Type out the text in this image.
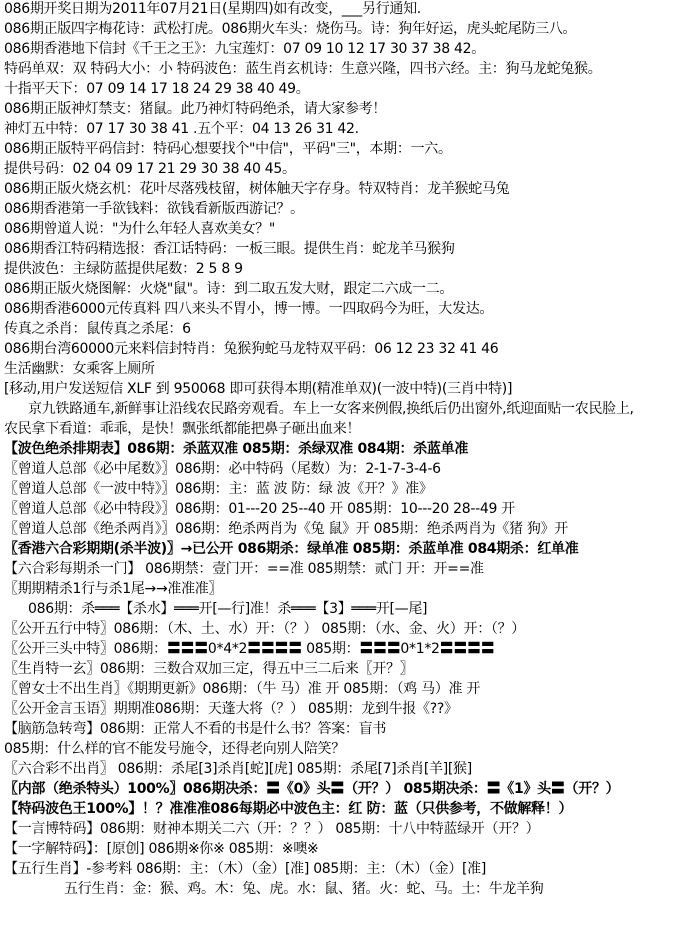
086期开奖日期为2011年07月21日(星期四)如有改变，___另行通知.
086期正版四字梅花诗：武松打虎。086期火车头：烧伤马。诗：狗年好运，虎头蛇尾防三八。
086期香港地下信封《千王之王》：九宝莲灯：07 09 10 12 17 30 37 38 42。
特码单双：双 特码大小：小 特码波色：蓝生肖玄机诗：生意兴隆，四书六经。主：狗马龙蛇兔猴。
十指平天下：07 09 14 17 18 24 29 38 40 49。
086期正版神灯禁支：猪鼠。此乃神灯特码绝杀，请大家参考！
神灯五中特：07 17 30 38 41 .五个平：04 13 26 31 42.
086期正版特平码信封：特码心想要找个"中信"，平码"三"，本期：一六。
提供号码：02 04 09 17 21 29 30 38 40 45。
086期正版火烧玄机：花叶尽落残枝留，树体触天字存身。特双特肖：龙羊猴蛇马兔
086期香港第一手欲钱料：欲钱看新版西游记？。
086期曾道人说："为什么年轻人喜欢美女？"
086期香江特码精选报：香江话特码：一板三眼。提供生肖：蛇龙羊马猴狗
提供波色：主绿防蓝提供尾数：2 5 8 9
086期正版火烧图解：火烧"鼠"。诗：到二取五发大财，跟定二六成一二。
086期香港6000元传真料 四八来头不胃小，博一博。一四取码今为旺，大发达。
传真之杀肖：鼠传真之杀尾：6
086期台湾60000元来料信封特肖：兔猴狗蛇马龙特双平码：06 12 23 32 41 46
生活幽默：女乘客上厕所
[移动,用户发送短信 XLF 到 950068 即可获得本期(精准单双)(一波中特)(三肖中特)]
京九铁路通车,新鲜事让沿线农民路旁观看。车上一女客来例假,换纸后仍出窗外,纸迎面贴一农民脸上,
农民拿下看道：乖乖，是快！飘张纸都能把鼻子砸出血来！
【波色绝杀排期表】086期：杀蓝双准 085期：杀绿双准 084期：杀蓝单准
〖曾道人总部《必中尾数》〗086期：必中特码（尾数）为：2-1-7-3-4-6
〖曾道人总部《一波中特》〗086期：主：蓝 波 防：绿 波《开？》准》
〖曾道人总部《必中特段》〗086期：01---20 25--40 开 085期：10---20 28--49 开
〖曾道人总部《绝杀两肖》〗086期：绝杀两肖为《兔 鼠》开 085期：绝杀两肖为《猪 狗》开
〖香港六合彩期期(杀半波)〗→已公开 086期杀：绿单准 085期：杀蓝单准 084期杀：红单准
【六合彩每期杀一门】 086期禁：壹门开：==准 085期禁：贰门 开：开==准
〖期期精杀1行与杀1尾→→准准准〗
086期：杀═══【杀水】═══开[—行]准！杀═══【3】═══开[—尾]
〖公开五行中特〗086期：（木、土、水）开：（？） 085期：（水、金、火）开：（？）
〖公开三头中特〗086期：〓〓〓0*4*2〓〓〓〓 085期：〓〓〓0*1*2〓〓〓〓
〖生肖特一玄〗086期：三数合双加三定，得五中三二后来〖开？〗
〖曾女士不出生肖〗《期期更新》086期：（牛 马）准 开 085期：（鸡 马）准 开
〖公开金言玉语〗期期准086期：天蓬大将（？） 085期：龙到牛报《??》
【脑筋急转弯】086期：正常人不看的书是什么书？答案：盲书
085期：什么样的官不能发号施令，还得老向别人陪笑？
〖六合彩不出肖〗 086期：杀尾[3]杀肖[蛇][虎] 085期：杀尾[7]杀肖[羊][猴]
〖内部（绝杀特头）100%〗086期决杀：〓《0》头〓（开？） 085期决杀：〓《1》头〓（开？）
【特码波色王100%】！？准准准086每期必中波色主：红 防：蓝（只供参考，不做解释！）
【一言博特码】086期：财神本期关二六（开：？？） 085期：十八中特蓝绿开（开？）
【一字解特码】：[原创] 086期※你※ 085期：※噢※
【五行生肖】-参考料 086期：主：（木）（金）[准] 085期：主：（木）（金）[准]
五行生肖：金：猴、鸡。木：兔、虎。水：鼠、猪。火：蛇、马。土：牛龙羊狗
